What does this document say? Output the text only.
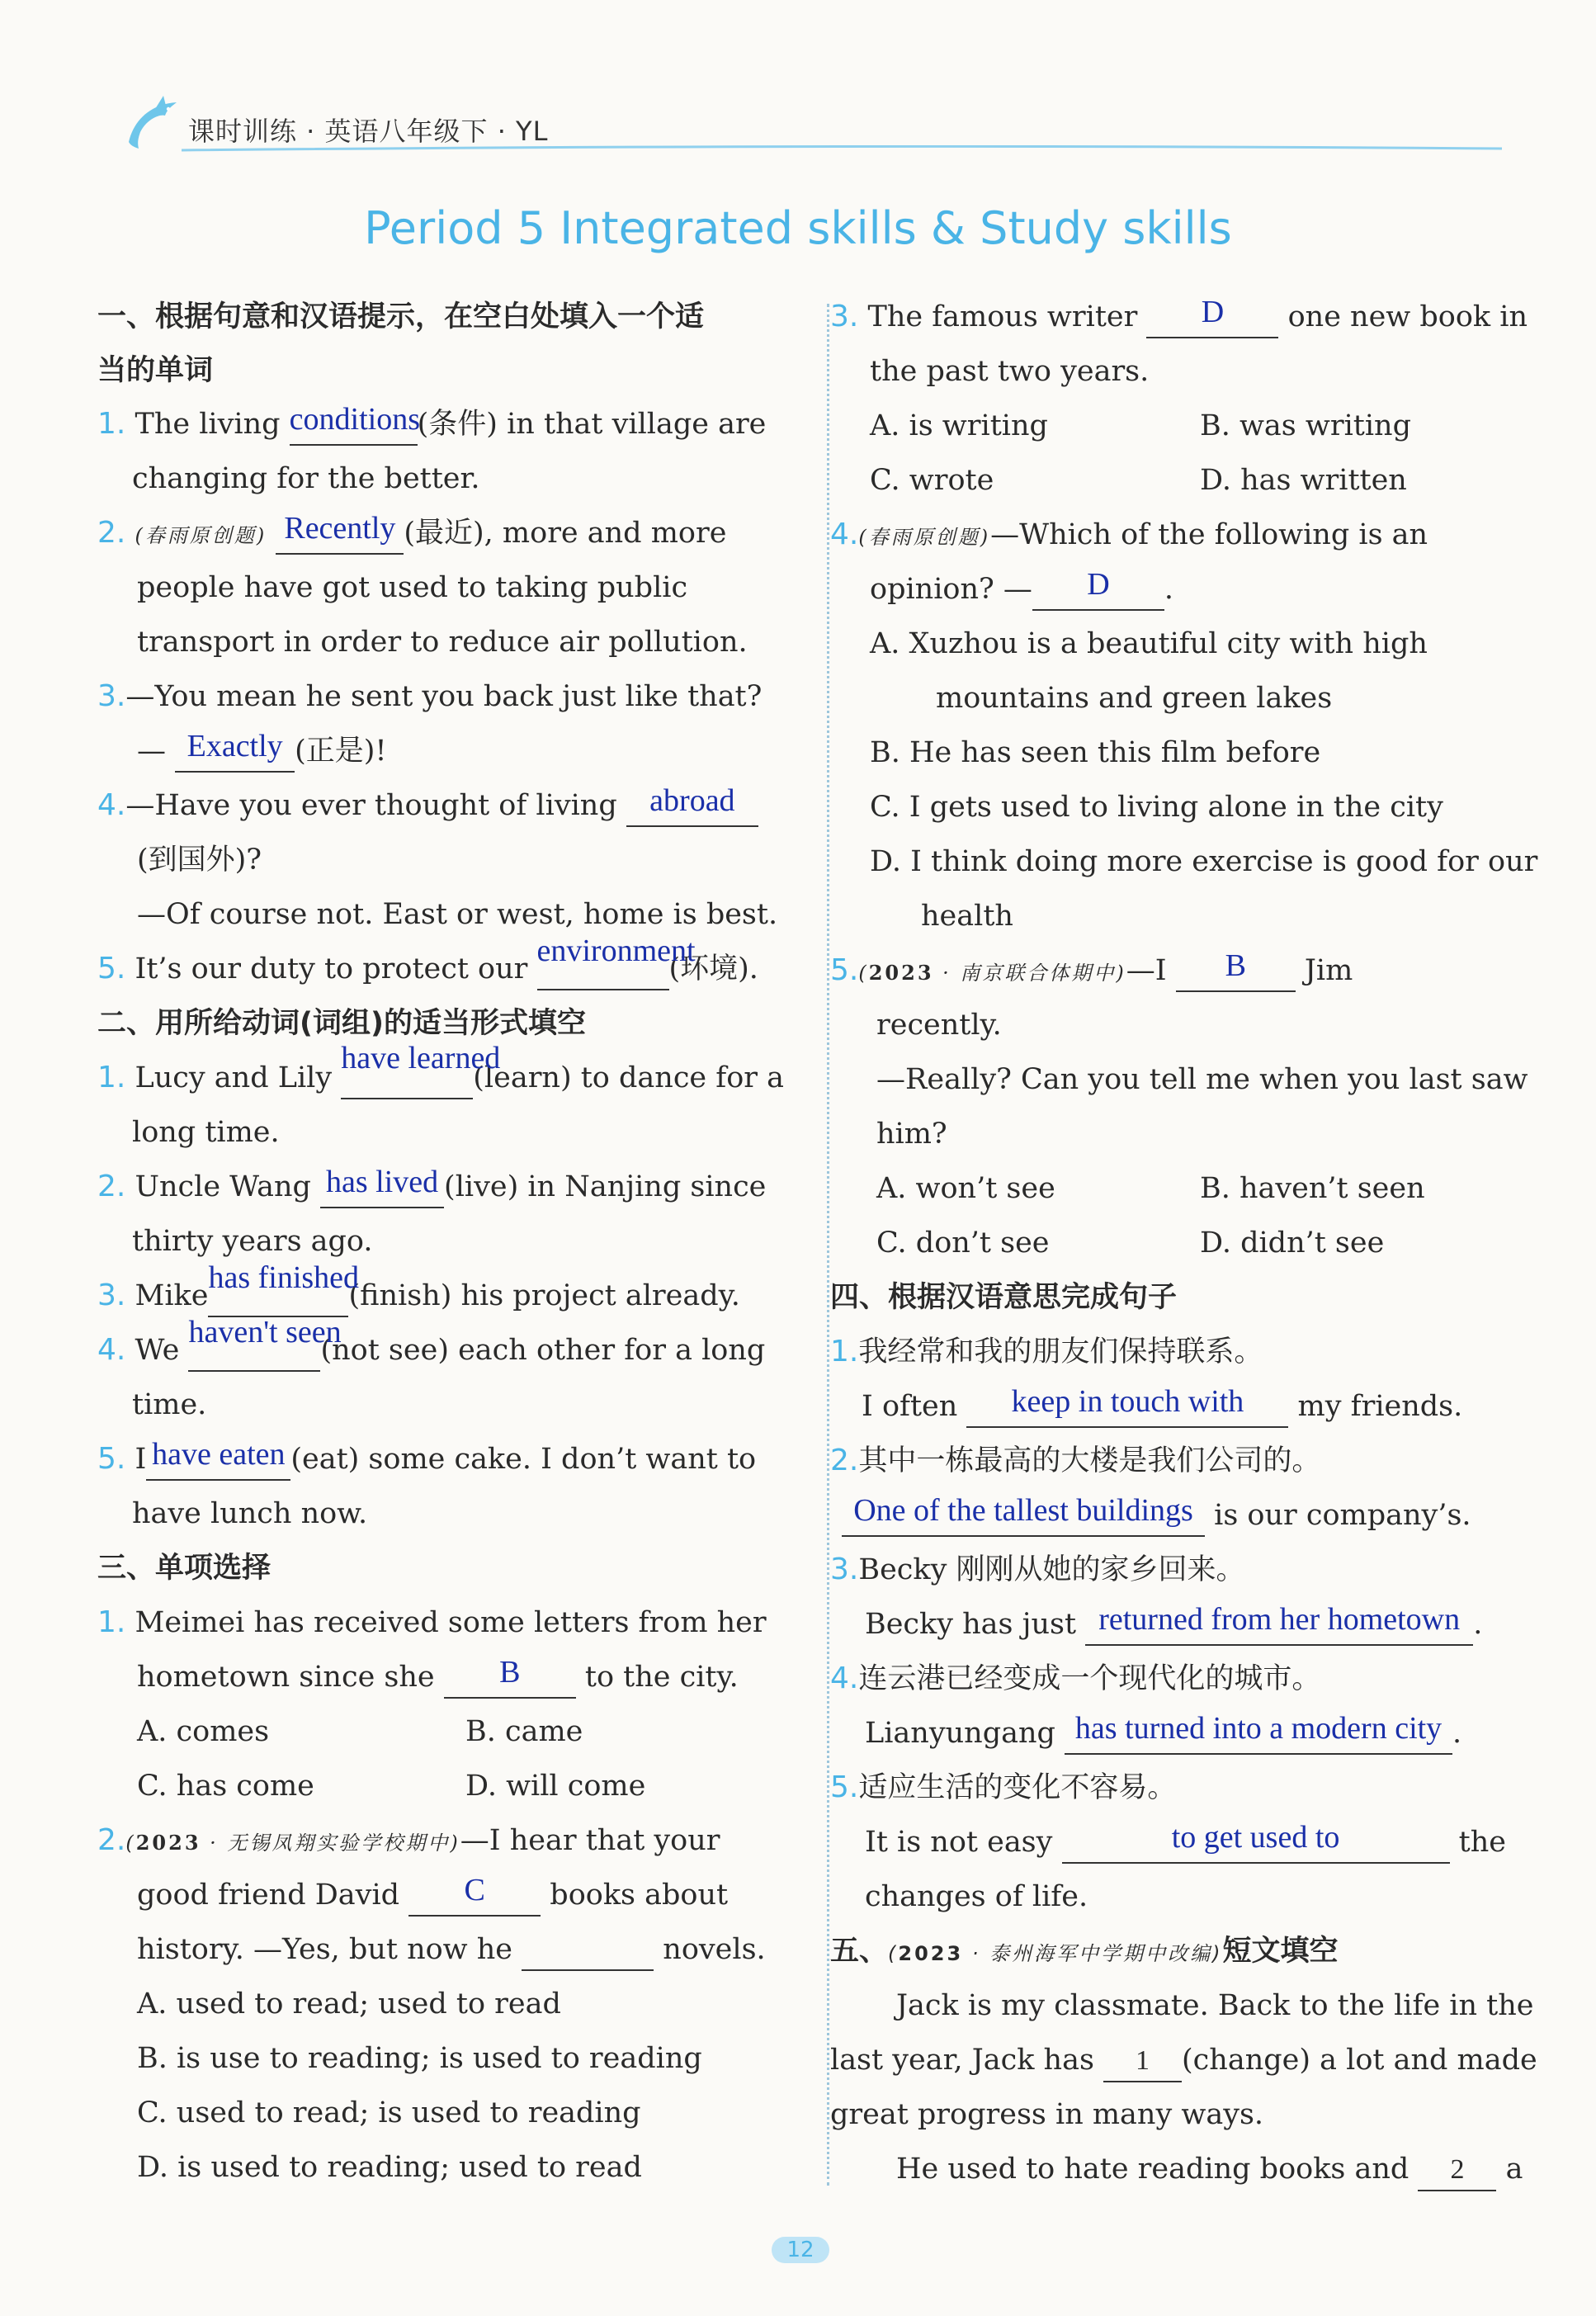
课时训练 · 英语八年级下 · YL
Period 5 Integrated skills & Study skills
一、根据句意和汉语提示，在空白处填入一个适
当的单词
1. The living conditions
(条件) in that village are
changing for the better.
2. (春雨原创题) Recently (最近), more and more
people have got used to taking public
transport in order to reduce air pollution.
3.—You mean he sent you back just like that?
— Exactly (正是)!
4.—Have you ever thought of living abroad

(到国外)?
—Of course not. East or west, home is best.
5. It’s our duty to protect our
environment
(环境).
二、用所给动词(词组)的适当形式填空
1. Lucy and Lily
have learned
(learn) to dance for a
long time.
2. Uncle Wang has lived (live) in Nanjing since
thirty years ago.
3. Mike
has finished
(finish) his project already.
4. We
haven't seen
(not see) each other for a long
time.
5. I have eaten (eat) some cake. I don’t want to
have lunch now.
三、单项选择
1. Meimei has received some letters from her
hometown since she	B	to the city.
A. comes	B. came
C. has come	D. will come
2.(2023 · 无锡凤翔实验学校期中)—I hear that your
good friend David	C	books about
history. —Yes, but now he	novels.
A. used to read; used to read
B. is use to reading; is used to reading
C. used to read; is used to reading
D. is used to reading; used to read
3. The famous writer	D	one new book in
the past two years.
A. is writing	B. was writing
C. wrote	D. has written
4.(春雨原创题)—Which of the following is an
opinion? —	D	.
A. Xuzhou is a beautiful city with high
mountains and green lakes
B. He has seen this film before
C. I gets used to living alone in the city
D. I think doing more exercise is good for our
health
5.(2023 · 南京联合体期中)—I	B	Jim
recently.
—Really? Can you tell me when you last saw
him?
A. won’t see	B. haven’t seen
C. don’t see	D. didn’t see
四、根据汉语意思完成句子
1.我经常和我的朋友们保持联系。
I often	keep in touch with	my friends.
2.其中一栋最高的大楼是我们公司的。
One of the tallest buildings is our company’s.
3.Becky 刚刚从她的家乡回来。
Becky has just returned from her hometown .
4.连云港已经变成一个现代化的城市。
Lianyungang has turned into a modern city .
5.适应生活的变化不容易。
It is not easy	to get used to	the
changes of life.
五、(2023 · 泰州海军中学期中改编)短文填空
Jack is my classmate. Back to the life in the
last year, Jack has 1 (change) a lot and made
great progress in many ways.
He used to hate reading books and 2 a
12
